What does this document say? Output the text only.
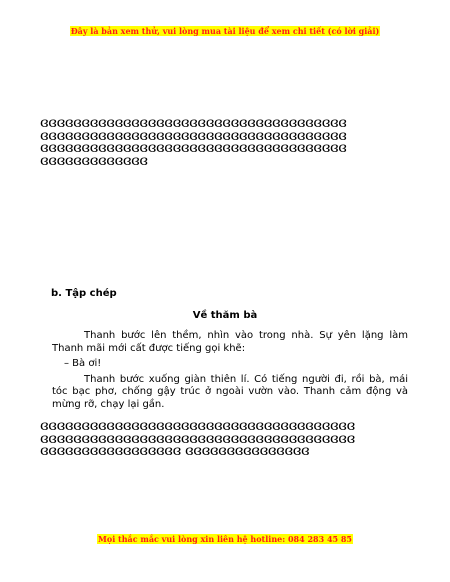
Đây là bản xem thử, vui lòng mua tài liệu để xem chi tiết (có lời giải)
ɞɞɞɞɞɞɞɞɞɞɞɞɞɞɞɞɞɞɞɞɞɞɞɞɞɞɞɞɞɞɞɞɞɞɞɞɞ
ɞɞɞɞɞɞɞɞɞɞɞɞɞɞɞɞɞɞɞɞɞɞɞɞɞɞɞɞɞɞɞɞɞɞɞɞɞ
ɞɞɞɞɞɞɞɞɞɞɞɞɞɞɞɞɞɞɞɞɞɞɞɞɞɞɞɞɞɞɞɞɞɞɞɞɞ
ɞɞɞɞɞɞɞɞɞɞɞɞɞ
b. Tập chép
Về thăm bà

Thanh bước lên thềm, nhìn vào trong nhà. Sự yên lặng làm Thanh mãi mới cất được tiếng gọi khẽ:

– Bà ơi!

Thanh bước xuống giàn thiên lí. Có tiếng người đi, rồi bà, mái tóc bạc phơ, chống gậy trúc ở ngoài vườn vào. Thanh cảm động và mừng rỡ, chạy lại gần.

ɞɞɞɞɞɞɞɞɞɞɞɞɞɞɞɞɞɞɞɞɞɞɞɞɞɞɞɞɞɞɞɞɞɞɞɞɞɞ
ɞɞɞɞɞɞɞɞɞɞɞɞɞɞɞɞɞɞɞɞɞɞɞɞɞɞɞɞɞɞɞɞɞɞɞɞɞɞ
ɞɞɞɞɞɞɞɞɞɞɞɞɞɞɞɞɞ ɞɞɞɞɞɞɞɞɞɞɞɞɞɞɞ
Mọi thắc mắc vui lòng xin liên hệ hotline: 084 283 45 85
